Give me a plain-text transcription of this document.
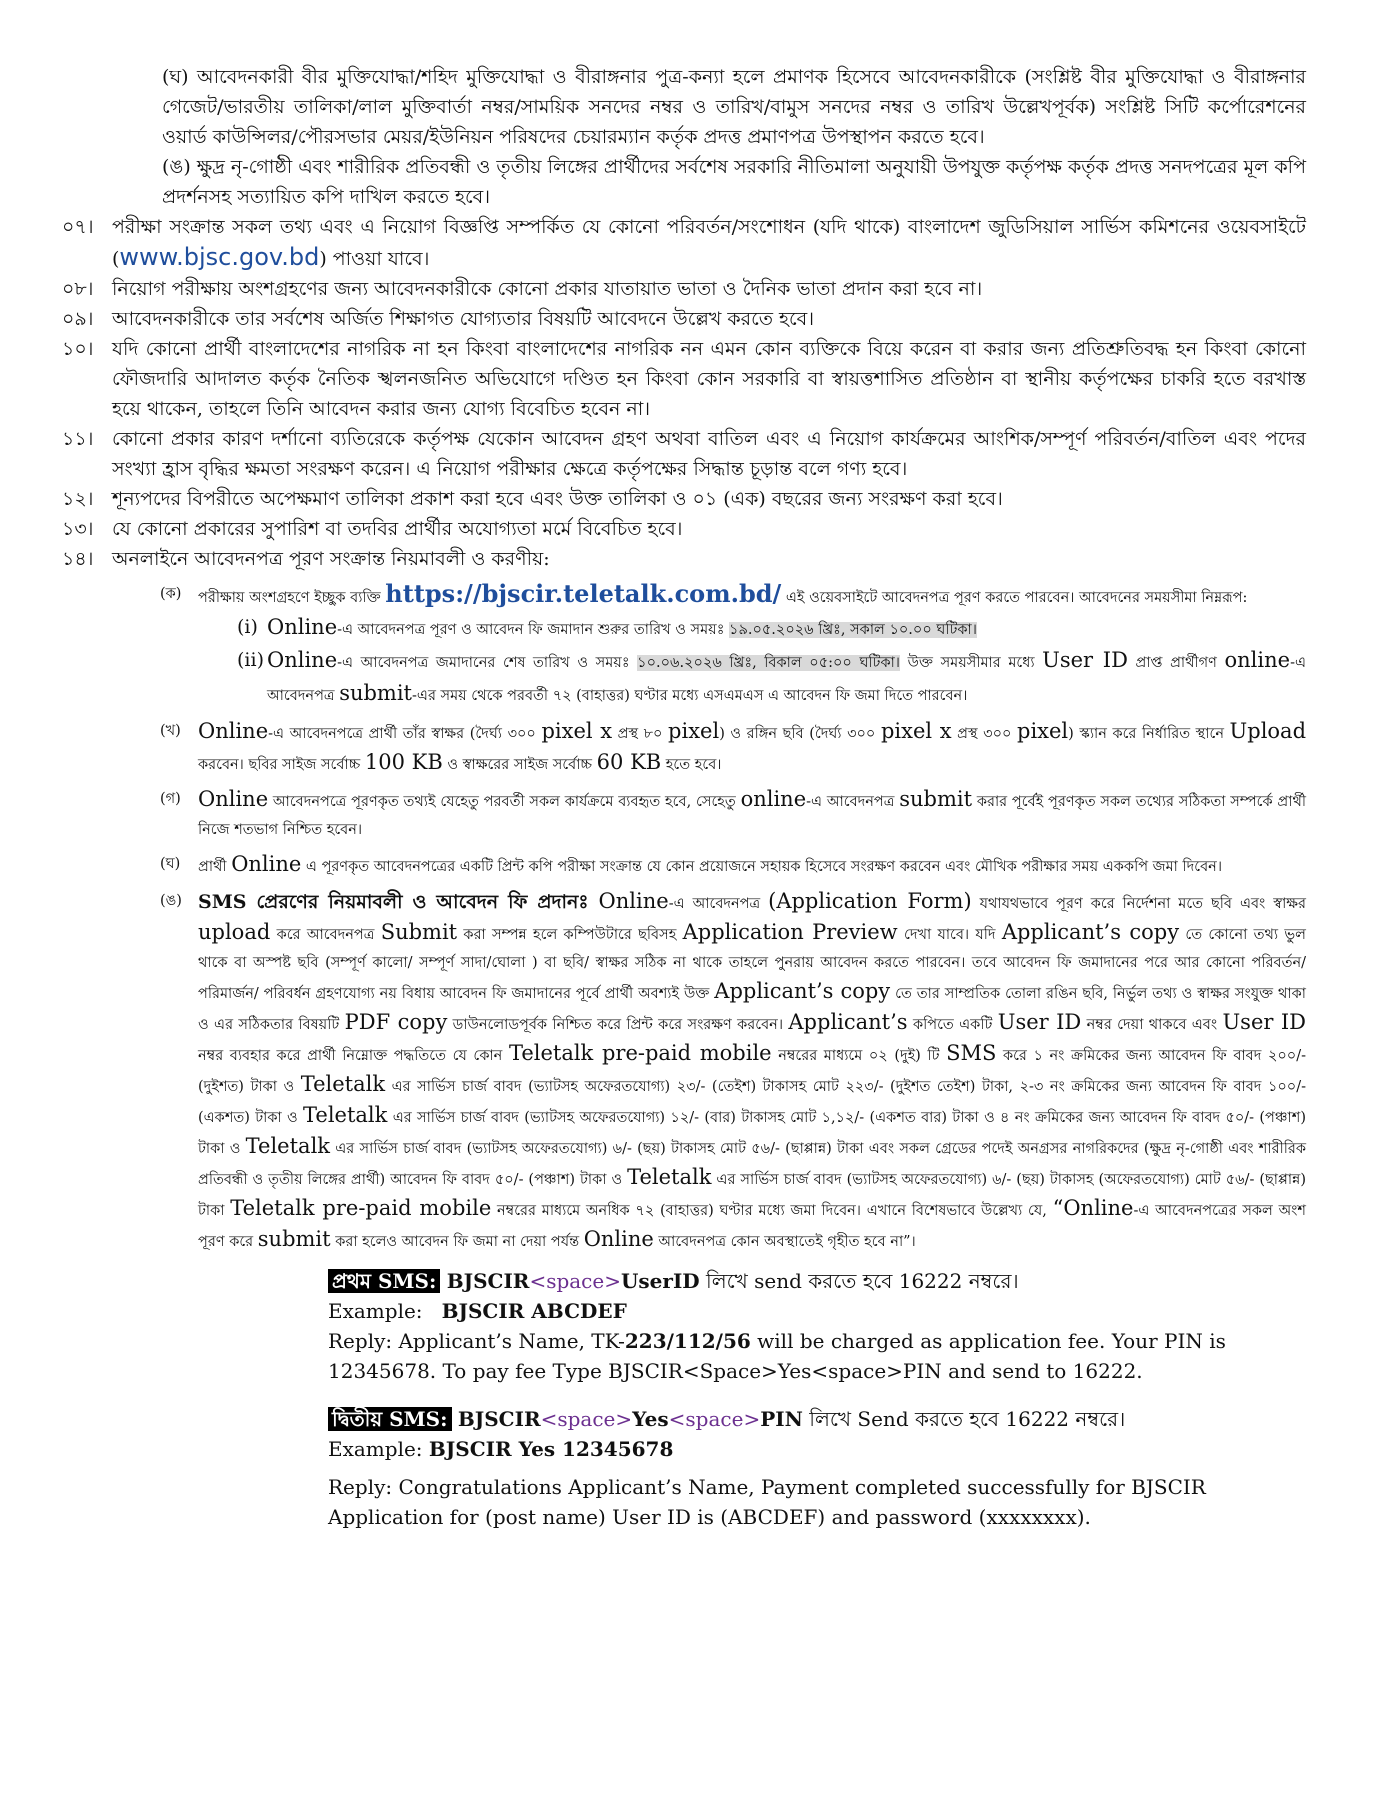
(ঘ) আবেদনকারী বীর মুক্তিযোদ্ধা/শহিদ মুক্তিযোদ্ধা ও বীরাঙ্গনার পুত্র-কন্যা হলে প্রমাণক হিসেবে আবেদনকারীকে (সংশ্লিষ্ট বীর মুক্তিযোদ্ধা ও বীরাঙ্গনার গেজেট/ভারতীয় তালিকা/লাল মুক্তিবার্তা নম্বর/সাময়িক সনদের নম্বর ও তারিখ/বামুস সনদের নম্বর ও তারিখ উল্লেখপূর্বক) সংশ্লিষ্ট সিটি কর্পোরেশনের ওয়ার্ড কাউন্সিলর/পৌরসভার মেয়র/ইউনিয়ন পরিষদের চেয়ারম্যান কর্তৃক প্রদত্ত প্রমাণপত্র উপস্থাপন করতে হবে।

(ঙ) ক্ষুদ্র নৃ-গোষ্ঠী এবং শারীরিক প্রতিবন্ধী ও তৃতীয় লিঙ্গের প্রার্থীদের সর্বশেষ সরকারি নীতিমালা অনুযায়ী উপযুক্ত কর্তৃপক্ষ কর্তৃক প্রদত্ত সনদপত্রের মূল কপি প্রদর্শনসহ সত্যায়িত কপি দাখিল করতে হবে।

০৭। পরীক্ষা সংক্রান্ত সকল তথ্য এবং এ নিয়োগ বিজ্ঞপ্তি সম্পর্কিত যে কোনো পরিবর্তন/সংশোধন (যদি থাকে) বাংলাদেশ জুডিসিয়াল সার্ভিস কমিশনের ওয়েবসাইটে (www.bjsc.gov.bd) পাওয়া যাবে।
০৮। নিয়োগ পরীক্ষায় অংশগ্রহণের জন্য আবেদনকারীকে কোনো প্রকার যাতায়াত ভাতা ও দৈনিক ভাতা প্রদান করা হবে না।
০৯। আবেদনকারীকে তার সর্বশেষ অর্জিত শিক্ষাগত যোগ্যতার বিষয়টি আবেদনে উল্লেখ করতে হবে।
১০। যদি কোনো প্রার্থী বাংলাদেশের নাগরিক না হন কিংবা বাংলাদেশের নাগরিক নন এমন কোন ব্যক্তিকে বিয়ে করেন বা করার জন্য প্রতিশ্রুতিবদ্ধ হন কিংবা কোনো ফৌজদারি আদালত কর্তৃক নৈতিক স্খলনজনিত অভিযোগে দণ্ডিত হন কিংবা কোন সরকারি বা স্বায়ত্তশাসিত প্রতিষ্ঠান বা স্থানীয় কর্তৃপক্ষের চাকরি হতে বরখাস্ত হয়ে থাকেন, তাহলে তিনি আবেদন করার জন্য যোগ্য বিবেচিত হবেন না।
১১। কোনো প্রকার কারণ দর্শানো ব্যতিরেকে কর্তৃপক্ষ যেকোন আবেদন গ্রহণ অথবা বাতিল এবং এ নিয়োগ কার্যক্রমের আংশিক/সম্পূর্ণ পরিবর্তন/বাতিল এবং পদের সংখ্যা হ্রাস বৃদ্ধির ক্ষমতা সংরক্ষণ করেন। এ নিয়োগ পরীক্ষার ক্ষেত্রে কর্তৃপক্ষের সিদ্ধান্ত চূড়ান্ত বলে গণ্য হবে।
১২। শূন্যপদের বিপরীতে অপেক্ষমাণ তালিকা প্রকাশ করা হবে এবং উক্ত তালিকা ও ০১ (এক) বছরের জন্য সংরক্ষণ করা হবে।
১৩। যে কোনো প্রকারের সুপারিশ বা তদবির প্রার্থীর অযোগ্যতা মর্মে বিবেচিত হবে।
১৪। অনলাইনে আবেদনপত্র পূরণ সংক্রান্ত নিয়মাবলী ও করণীয়:
(ক)	পরীক্ষায় অংশগ্রহণে ইচ্ছুক ব্যক্তি https://bjscir.teletalk.com.bd/ এই ওয়েবসাইটে আবেদনপত্র পূরণ করতে পারবেন। আবেদনের সময়সীমা নিম্নরূপ:
(i) Online-এ আবেদনপত্র পূরণ ও আবেদন ফি জমাদান শুরুর তারিখ ও সময়ঃ ১৯.০৫.২০২৬ খ্রিঃ, সকাল ১০.০০ ঘটিকা।
(ii) Online-এ আবেদনপত্র জমাদানের শেষ তারিখ ও সময়ঃ ১০.০৬.২০২৬ খ্রিঃ, বিকাল ০৫:০০ ঘটিকা। উক্ত সময়সীমার মধ্যে User ID প্রাপ্ত প্রার্থীগণ online-এ আবেদনপত্র submit-এর সময় থেকে পরবর্তী ৭২ (বাহাত্তর) ঘণ্টার মধ্যে এসএমএস এ আবেদন ফি জমা দিতে পারবেন।
(খ) Online-এ আবেদনপত্রে প্রার্থী তাঁর স্বাক্ষর (দৈর্ঘ্য ৩০০ pixel x প্রস্থ ৮০ pixel) ও রঙ্গিন ছবি (দৈর্ঘ্য ৩০০ pixel x প্রস্থ ৩০০ pixel) স্ক্যান করে নির্ধারিত স্থানে Upload করবেন। ছবির সাইজ সর্বোচ্চ 100 KB ও স্বাক্ষরের সাইজ সর্বোচ্চ 60 KB হতে হবে।
(গ) Online আবেদনপত্রে পূরণকৃত তথ্যই যেহেতু পরবর্তী সকল কার্যক্রমে ব্যবহৃত হবে, সেহেতু online-এ আবেদনপত্র submit করার পূর্বেই পূরণকৃত সকল তথ্যের সঠিকতা সম্পর্কে প্রার্থী নিজে শতভাগ নিশ্চিত হবেন।
(ঘ)	প্রার্থী Online এ পূরণকৃত আবেদনপত্রের একটি প্রিন্ট কপি পরীক্ষা সংক্রান্ত যে কোন প্রয়োজনে সহায়ক হিসেবে সংরক্ষণ করবেন এবং মৌখিক পরীক্ষার সময় এককপি জমা দিবেন।
(ঙ) SMS প্রেরণের নিয়মাবলী ও আবেদন ফি প্রদানঃ Online-এ আবেদনপত্র (Application Form) যথাযথভাবে পূরণ করে নির্দেশনা মতে ছবি এবং স্বাক্ষর upload করে আবেদনপত্র Submit করা সম্পন্ন হলে কম্পিউটারে ছবিসহ Application Preview দেখা যাবে। যদি Applicant’s copy তে কোনো তথ্য ভুল থাকে বা অস্পষ্ট ছবি (সম্পূর্ণ কালো/ সম্পূর্ণ সাদা/ঘোলা ) বা ছবি/ স্বাক্ষর সঠিক না থাকে তাহলে পুনরায় আবেদন করতে পারবেন। তবে আবেদন ফি জমাদানের পরে আর কোনো পরিবর্তন/পরিমার্জন/ পরিবর্ধন গ্রহণযোগ্য নয় বিধায় আবেদন ফি জমাদানের পূর্বে প্রার্থী অবশ্যই উক্ত Applicant’s copy তে তার সাম্প্রতিক তোলা রঙিন ছবি, নির্ভুল তথ্য ও স্বাক্ষর সংযুক্ত থাকা ও এর সঠিকতার বিষয়টি PDF copy ডাউনলোডপূর্বক নিশ্চিত করে প্রিন্ট করে সংরক্ষণ করবেন। Applicant’s কপিতে একটি User ID নম্বর দেয়া থাকবে এবং User ID নম্বর ব্যবহার করে প্রার্থী নিম্নোক্ত পদ্ধতিতে যে কোন Teletalk pre-paid mobile নম্বরের মাধ্যমে ০২ (দুই) টি SMS করে ১ নং ক্রমিকের জন্য আবেদন ফি বাবদ ২০০/- (দুইশত) টাকা ও Teletalk এর সার্ভিস চার্জ বাবদ (ভ্যাটসহ অফেরতযোগ্য) ২৩/- (তেইশ) টাকাসহ মোট ২২৩/- (দুইশত তেইশ) টাকা, ২-৩ নং ক্রমিকের জন্য আবেদন ফি বাবদ ১০০/- (একশত) টাকা ও Teletalk এর সার্ভিস চার্জ বাবদ (ভ্যাটসহ অফেরতযোগ্য) ১২/- (বার) টাকাসহ মোট ১,১২/- (একশত বার) টাকা ও ৪ নং ক্রমিকের জন্য আবেদন ফি বাবদ ৫০/- (পঞ্চাশ) টাকা ও Teletalk এর সার্ভিস চার্জ বাবদ (ভ্যাটসহ অফেরতযোগ্য) ৬/- (ছয়) টাকাসহ মোট ৫৬/- (ছাপ্পান্ন) টাকা এবং সকল গ্রেডের পদেই অনগ্রসর নাগরিকদের (ক্ষুদ্র নৃ-গোষ্ঠী এবং শারীরিক প্রতিবন্ধী ও তৃতীয় লিঙ্গের প্রার্থী) আবেদন ফি বাবদ ৫০/- (পঞ্চাশ) টাকা ও Teletalk এর সার্ভিস চার্জ বাবদ (ভ্যাটসহ অফেরতযোগ্য) ৬/- (ছয়) টাকাসহ (অফেরতযোগ্য) মোট ৫৬/- (ছাপ্পান্ন) টাকা Teletalk pre-paid mobile নম্বরের মাধ্যমে অনধিক ৭২ (বাহাত্তর) ঘণ্টার মধ্যে জমা দিবেন। এখানে বিশেষভাবে উল্লেখ্য যে, “Online-এ আবেদনপত্রের সকল অংশ পূরণ করে submit করা হলেও আবেদন ফি জমা না দেয়া পর্যন্ত Online আবেদনপত্র কোন অবস্থাতেই গৃহীত হবে না”।

প্রথম SMS: BJSCIR<space>UserID লিখে send করতে হবে 16222 নম্বরে।

Example: BJSCIR ABCDEF

Reply: Applicant’s Name, TK-223/112/56 will be charged as application fee. Your PIN is 12345678. To pay fee Type BJSCIR<Space>Yes<space>PIN and send to 16222.

দ্বিতীয় SMS: BJSCIR<space>Yes<space>PIN লিখে Send করতে হবে 16222 নম্বরে।

Example: BJSCIR Yes 12345678

Reply: Congratulations Applicant’s Name, Payment completed successfully for BJSCIR Application for (post name) User ID is (ABCDEF) and password (xxxxxxxx).
